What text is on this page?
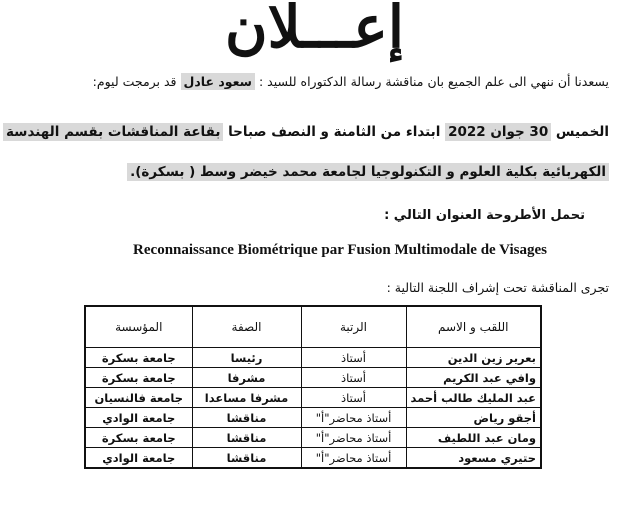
إعـــلان
يسعدنا أن ننهي الى علم الجميع بان مناقشة رسالة الدكتوراه للسيد : سعود عادل قد برمجت ليوم:
الخميس 30 جوان 2022 ابتداء من الثامنة و النصف صباحا بقاعة المناقشات بقسم الهندسة
الكهربائية بكلية العلوم و التكنولوجيا لجامعة محمد خيضر وسط ( بسكرة).
تحمل الأطروحة العنوان التالي :
Reconnaissance Biométrique par Fusion Multimodale de Visages
تجرى المناقشة تحت إشراف اللجنة التالية :
اللقب و الاسم	الرتبة	الصفة	المؤسسة
بعرير زين الدين	أستاذ	رئيسا	جامعة بسكرة
وافي عبد الكريم	أستاذ	مشرفا	جامعة بسكرة
عبد المليك طالب أحمد	أستاذ	مشرفا مساعدا	جامعة فالنسيان
أجقو رياض	أستاذ محاضر"أ"	مناقشا	جامعة الوادي
ومان عبد اللطيف	أستاذ محاضر"أ"	مناقشا	جامعة بسكرة
حتيري مسعود	أستاذ محاضر"أ"	مناقشا	جامعة الوادي
